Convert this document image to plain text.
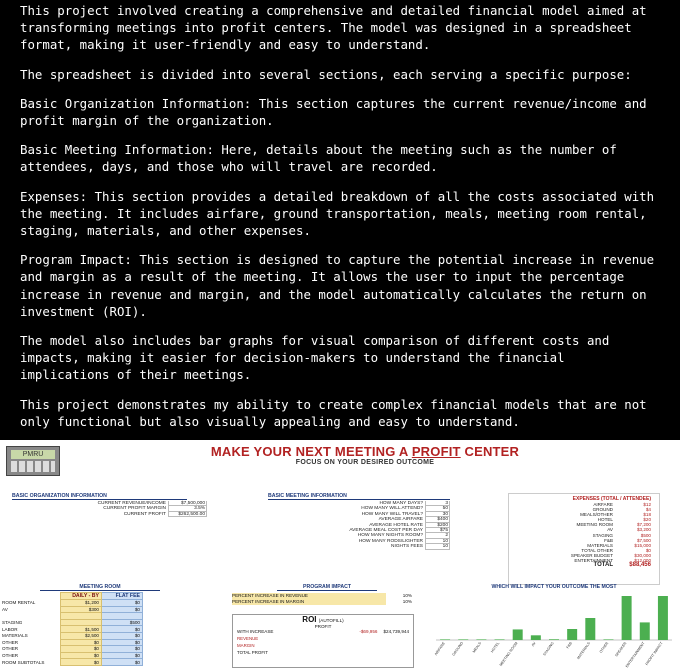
This project involved creating a comprehensive and detailed financial model aimed at transforming meetings into profit centers. The model was designed in a spreadsheet format, making it user-friendly and easy to understand.

The spreadsheet is divided into several sections, each serving a specific purpose:

Basic Organization Information: This section captures the current revenue/income and profit margin of the organization.

Basic Meeting Information: Here, details about the meeting such as the number of attendees, days, and those who will travel are recorded.

Expenses: This section provides a detailed breakdown of all the costs associated with the meeting. It includes airfare, ground transportation, meals, meeting room rental, staging, materials, and other expenses.

Program Impact: This section is designed to capture the potential increase in revenue and margin as a result of the meeting. It allows the user to input the percentage increase in revenue and margin, and the model automatically calculates the return on investment (ROI).

The model also includes bar graphs for visual comparison of different costs and impacts, making it easier for decision-makers to understand the financial implications of their meetings.

This project demonstrates my ability to create complex financial models that are not only functional but also visually appealing and easy to understand.

PMRU	MAKE YOUR NEXT MEETING A PROFIT CENTER
FOCUS ON YOUR DESIRED OUTCOME
BASIC ORGANIZATION INFORMATION
CURRENT REVENUE/INCOME	$7,500,000
CURRENT PROFIT MARGIN	3.5%
CURRENT PROFIT	$262,500.00
BASIC MEETING INFORMATION
HOW MANY DAYS?	3
HOW MANY WILL ATTEND?	50
HOW MANY WILL TRAVEL?	30
AVERAGE AIRFARE	$400
AVERAGE HOTEL RATE	$200
AVERAGE MEAL COST PER DAY	$75
HOW MANY NIGHTS ROOM?	2
HOW MANY RODS/LIGHTER	10
NIGHTS FEES	10
EXPENSES (TOTAL / ATTENDEE)
AIRFARE	$12
GROUND	$4
MEALS/OTHER	$18
HOTEL	$20
MEETING ROOM	$7,200
AV	$3,200
STAGING	$500
F&B	$7,500
MATERIALS	$15,000
TOTAL OTHER	$0
SPEAKER BUDGET	$30,000
ENTERTAINMENT	$12,000
TOTAL	$88,456
MEETING ROOM
	DAILY - BY	FLAT FEE
ROOM RENTAL	$1,200	$0
AV	$300	$0

STAGING		$500
LABOR	$1,500	$0
MATERIALS	$2,500	$0
OTHER	$0	$0
OTHER	$0	$0
OTHER	$0	$0
ROOM SUBTOTALS	$0	$0
PROGRAM IMPACT
PERCENT INCREASE IN REVENUE	10%
PERCENT INCREASE IN MARGIN	10%
ROI (AUTOFILL)
PROFIT
WITH INCREASE	-$69,956 $24,739,944
REVENUE
MARGIN
TOTAL PROFIT
WHICH WILL IMPACT YOUR OUTCOME THE MOST
AIRFARE GROUND MEALS HOTEL
MEETING ROOM	AV STAGING	F&B MATERIALS OTHER SPEAKER
ENTERTAINMENT PROFIT IMPACT
